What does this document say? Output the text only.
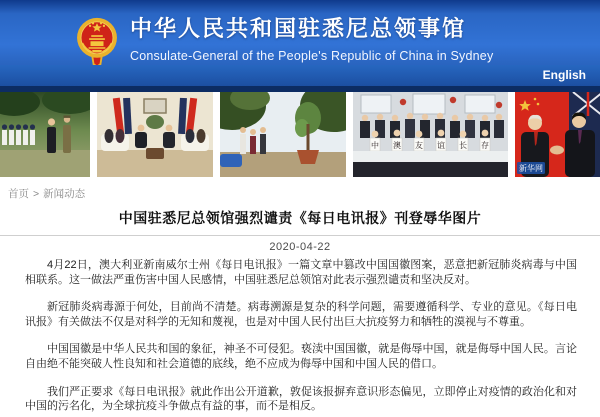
中华人民共和国驻悉尼总领事馆
Consulate-General of the People's Republic of China in Sydney
English
中 澳 友 谊 长 存
新华网
首页 > 新闻动态
中国驻悉尼总领馆强烈谴责《每日电讯报》刊登辱华图片
2020-04-22

4月22日，澳大利亚新南威尔士州《每日电讯报》一篇文章中篡改中国国徽图案，恶意把新冠肺炎病毒与中国相联系。这一做法严重伤害中国人民感情，中国驻悉尼总领馆对此表示强烈谴责和坚决反对。

新冠肺炎病毒源于何处，目前尚不清楚。病毒溯源是复杂的科学问题，需要遵循科学、专业的意见。《每日电讯报》有关做法不仅是对科学的无知和蔑视，也是对中国人民付出巨大抗疫努力和牺牲的漠视与不尊重。

中国国徽是中华人民共和国的象征，神圣不可侵犯。亵渎中国国徽，就是侮辱中国，就是侮辱中国人民。言论自由绝不能突破人性良知和社会道德的底线，绝不应成为侮辱中国和中国人民的借口。

我们严正要求《每日电讯报》就此作出公开道歉，敦促该报摒弃意识形态偏见，立即停止对疫情的政治化和对中国的污名化，为全球抗疫斗争做点有益的事，而不是相反。
